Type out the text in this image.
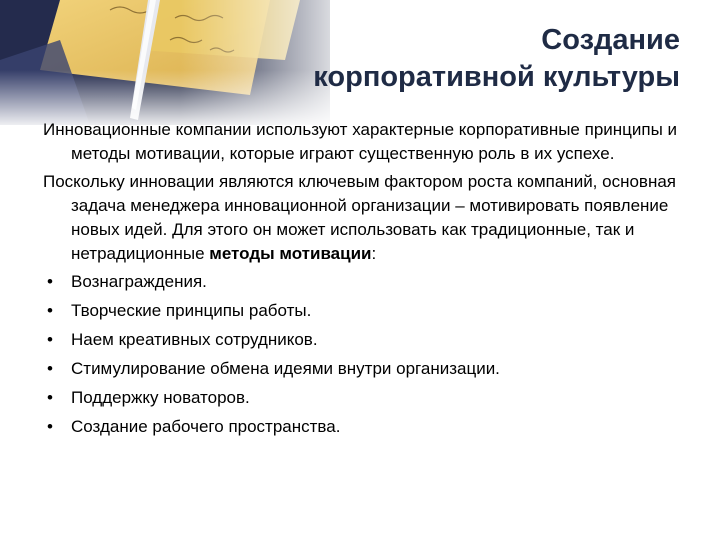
Создание
корпоративной культуры
Инновационные компании используют характерные корпоративные принципы и методы мотивации, которые играют существенную роль в их успехе.
Поскольку инновации являются ключевым фактором роста компаний, основная задача менеджера инновационной организации – мотивировать появление новых идей. Для этого он может использовать как традиционные, так и нетрадиционные методы мотивации:
• Вознаграждения.
• Творческие принципы работы.
• Наем креативных сотрудников.
• Стимулирование обмена идеями внутри организации.
• Поддержку новаторов.
• Создание рабочего пространства.
